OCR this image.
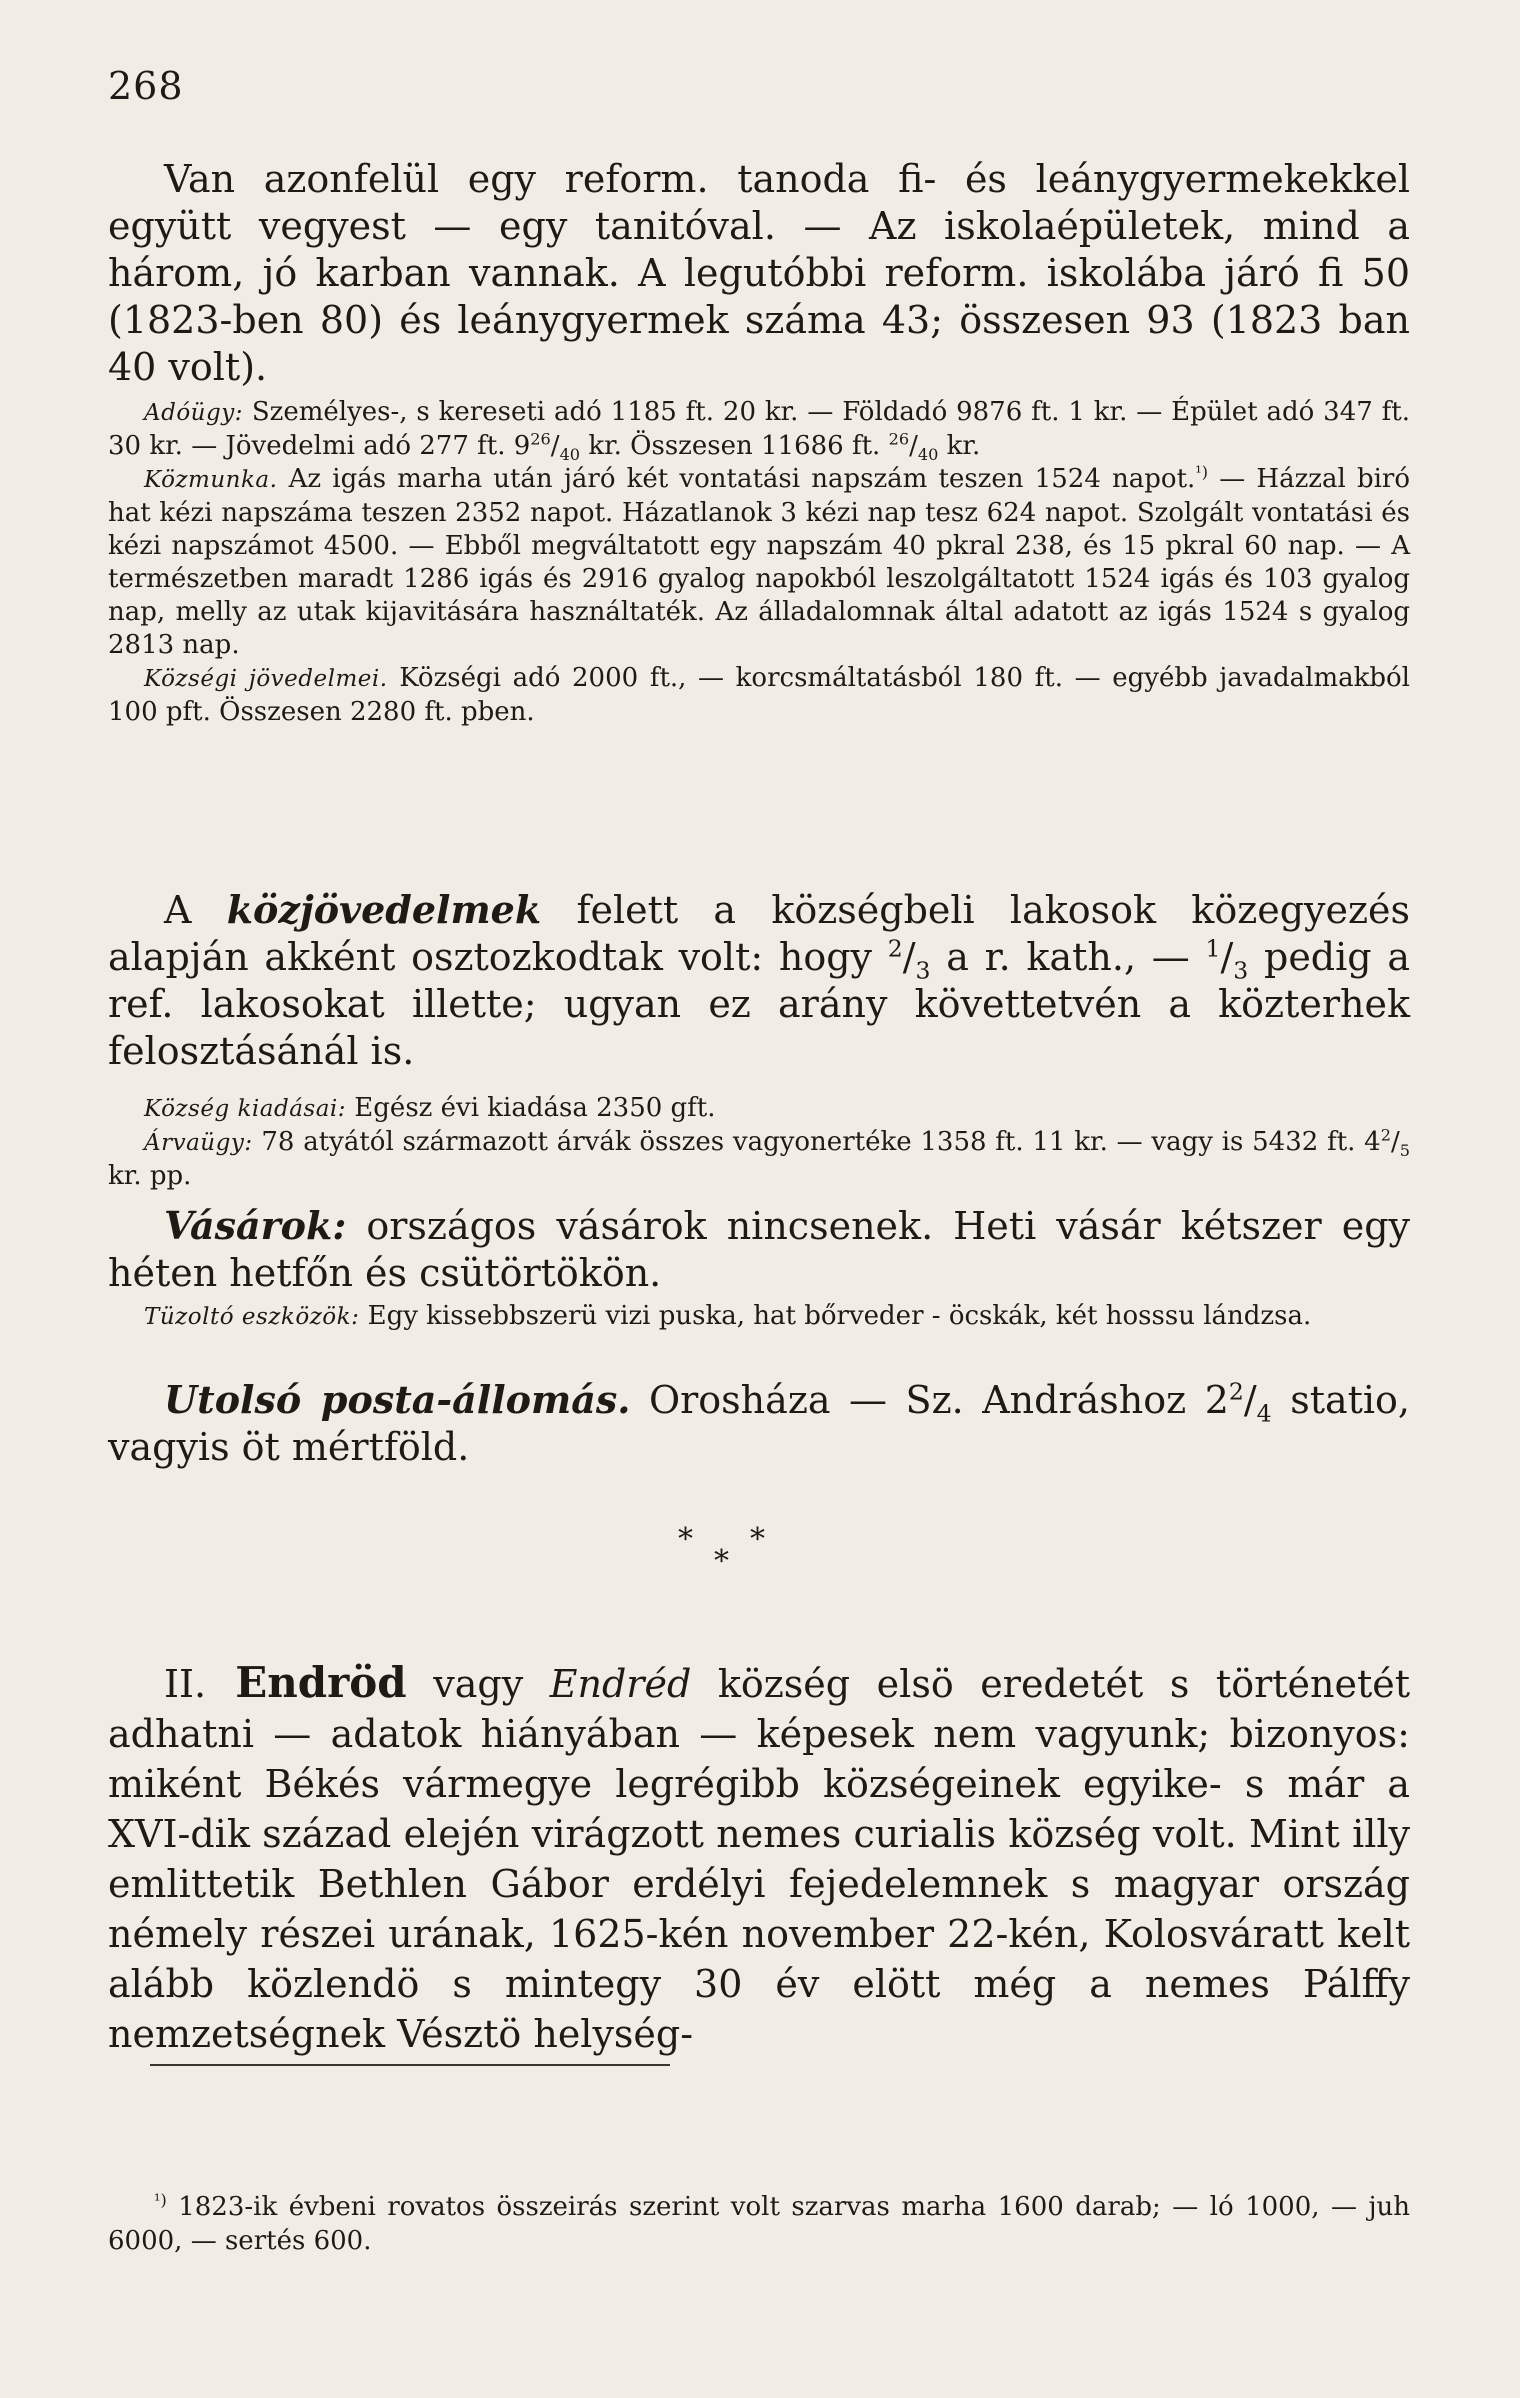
268

Van azonfelül egy reform. tanoda fi- és leánygyermekekkel együtt vegyest — egy tanitóval. — Az iskolaépületek, mind a három, jó karban vannak. A legutóbbi reform. iskolába járó fi 50 (1823-ben 80) és leánygyermek száma 43; összesen 93 (1823 ban 40 volt).

Adóügy: Személyes-, s kereseti adó 1185 ft. 20 kr. — Földadó 9876 ft. 1 kr. — Épület adó 347 ft. 30 kr. — Jövedelmi adó 277 ft. $9^{26}/_{40}$ kr. Összesen 11686 ft. $^{26}/_{40}$ kr.

Közmunka. Az igás marha után járó két vontatási napszám teszen 1524 napot.$^{^1)}$ — Házzal biró hat kézi napszáma teszen 2352 napot. Házatlanok 3 kézi nap tesz 624 napot. Szolgált vontatási és kézi napszámot 4500. — Ebből megváltatott egy napszám 40 pkral 238, és 15 pkral 60 nap. — A természetben maradt 1286 igás és 2916 gyalog napokból leszolgáltatott 1524 igás és 103 gyalog nap, melly az utak kijavitására használtaték. Az álladalomnak által adatott az igás 1524 s gyalog 2813 nap.

Községi jövedelmei. Községi adó 2000 ft., — korcsmáltatásból 180 ft. — egyébb javadalmakból 100 pft. Összesen 2280 ft. pben.

A közjövedelmek felett a községbeli lakosok közegyezés alapján akként osztozkodtak volt: hogy $^2/_3$ a r. kath., — $^1/_3$ pedig a ref. lakosokat illette; ugyan ez arány követtetvén a közterhek felosztásánál is.

Község kiadásai: Egész évi kiadása 2350 gft.

Árvaügy: 78 atyától származott árvák összes vagyonertéke 1358 ft. 11 kr. — vagy is 5432 ft. $4^2/_5$ kr. pp.

Vásárok: országos vásárok nincsenek. Heti vásár kétszer egy héten hetfőn és csütörtökön.

Tüzoltó eszközök: Egy kissebbszerü vizi puska, hat bőrveder - öcskák, két hosssu lándzsa.

Utolsó posta-állomás. Orosháza — Sz. Andráshoz $2^2/_4$ statio, vagyis öt mértföld.

* *
*

II. Endröd vagy Endréd község elsö eredetét s történetét adhatni — adatok hiányában — képesek nem vagyunk; bizonyos: miként Békés vármegye legrégibb községeinek egyike- s már a XVI-dik század elején virágzott nemes curialis község volt. Mint illy emlittetik Bethlen Gábor erdélyi fejedelemnek s magyar ország némely részei urának, 1625-kén november 22-kén, Kolosváratt kelt alább közlendö s mintegy 30 év elött még a nemes Pálffy nemzetségnek Vésztö helység-

$^{^1)}$ 1823-ik évbeni rovatos összeirás szerint volt szarvas marha 1600 darab; — ló 1000, — juh 6000, — sertés 600.
